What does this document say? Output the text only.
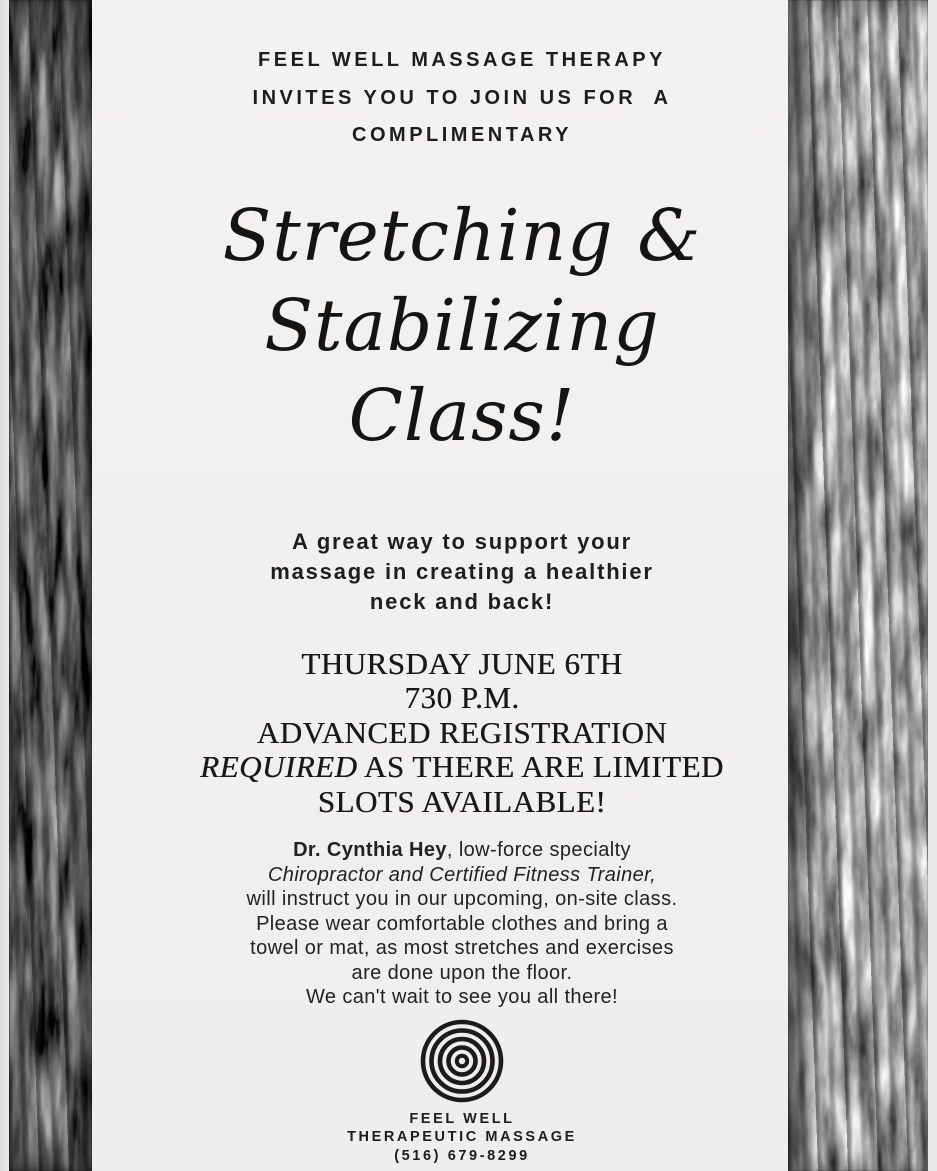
FEEL WELL MASSAGE THERAPY
INVITES YOU TO JOIN US FOR  A
COMPLIMENTARY
Stretching &
Stabilizing
Class!
A great way to support your
massage in creating a healthier
neck and back!
THURSDAY JUNE 6TH
730 P.M.
ADVANCED REGISTRATION
REQUIRED AS THERE ARE LIMITED
SLOTS AVAILABLE!
Dr. Cynthia Hey, low-force specialty
Chiropractor and Certified Fitness Trainer,
will instruct you in our upcoming, on-site class.
Please wear comfortable clothes and bring a
towel or mat, as most stretches and exercises
are done upon the floor.
We can't wait to see you all there!
FEEL WELL
THERAPEUTIC MASSAGE
(516) 679-8299
